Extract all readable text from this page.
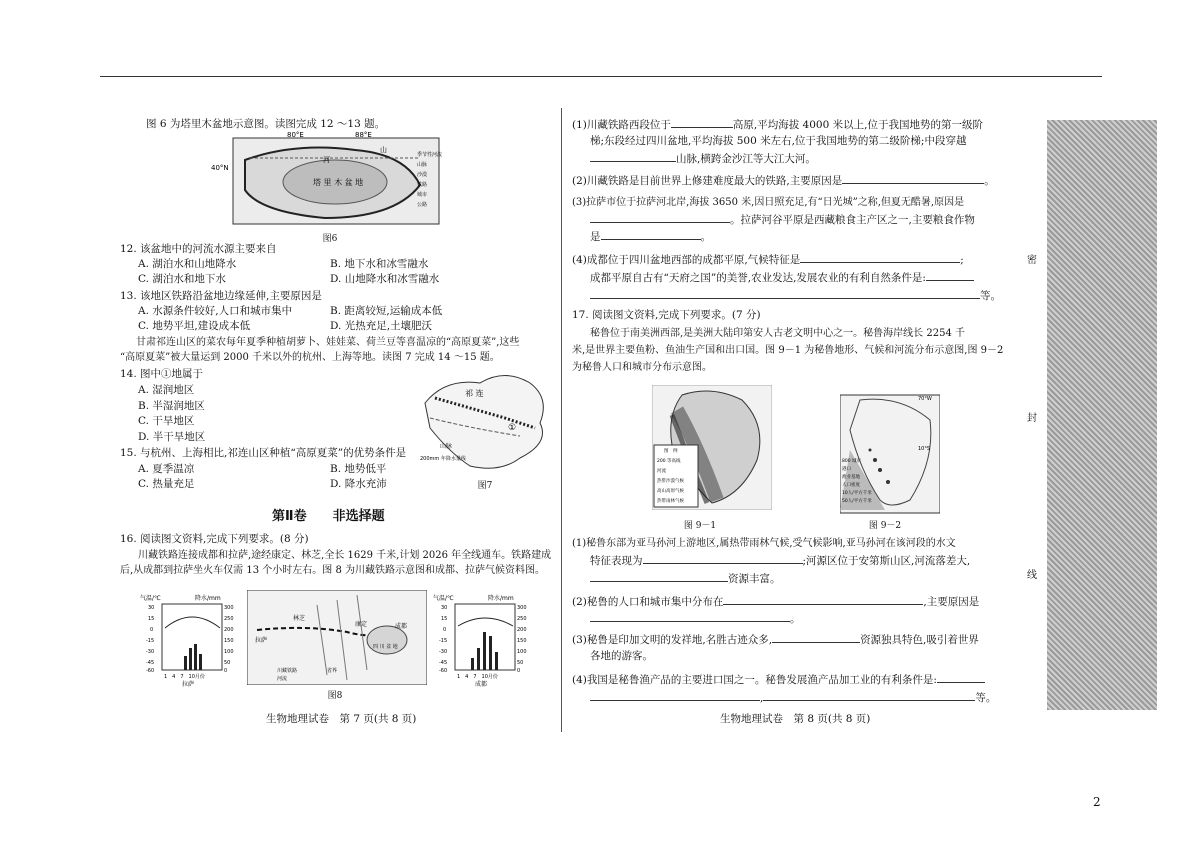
图 6 为塔里木盆地示意图。读图完成 12 ～13 题。
80°E	88°E
40°N
塔 里 木 盆 地
河
山
季节性河流
山脉
沙漠
铁路
城市
公路
图6
12. 该盆地中的河流水源主要来自
A. 湖泊水和山地降水	B. 地下水和冰雪融水
C. 湖泊水和地下水	D. 山地降水和冰雪融水
13. 该地区铁路沿盆地边缘延伸,主要原因是
A. 水源条件较好,人口和城市集中	B. 距离较短,运输成本低
C. 地势平坦,建设成本低	D. 光热充足,土壤肥沃
甘肃祁连山区的菜农每年夏季种植胡萝卜、娃娃菜、荷兰豆等喜温凉的“高原夏菜”,这些
“高原夏菜”被大量运到 2000 千米以外的杭州、上海等地。读图 7 完成 14 ～15 题。
14. 图中①地属于
A. 湿润地区
B. 半湿润地区
C. 干旱地区
D. 半干旱地区
祁 连
①
山脉
200mm 年降水量线
图7
15. 与杭州、上海相比,祁连山区种植“高原夏菜”的优势条件是
A. 夏季温凉	B. 地势低平
C. 热量充足	D. 降水充沛
第Ⅱ卷　　非选择题
16. 阅读图文资料,完成下列要求。(8 分)
川藏铁路连接成都和拉萨,途经康定、林芝,全长 1629 千米,计划 2026 年全线通车。铁路建成
后,从成都到拉萨坐火车仅需 13 个小时左右。图 8 为川藏铁路示意图和成都、拉萨气候资料图。
气温/℃	降水/mm
30
15
0
-15
-30
-45
-60
300
250
200
150
100
50
0
1　4　7　10月份
拉萨
拉萨
林芝
康定	成都
四 川 盆 地
川藏铁路
河流
省界
气温/℃	降水/mm
30
15
0
-15
-30
-45
-60
300
250
200
150
100
50
0
1　4　7　10月份
成都
图8
生物地理试卷　第 7 页(共 8 页)
(1)川藏铁路西段位于	高原,平均海拔 4000 米以上,位于我国地势的第一级阶
梯;东段经过四川盆地,平均海拔 500 米左右,位于我国地势的第二级阶梯;中段穿越
山脉,横跨金沙江等大江大河。
(2)川藏铁路是目前世界上修建难度最大的铁路,主要原因是	。
(3)拉萨市位于拉萨河北岸,海拔 3650 米,因日照充足,有“日光城”之称,但夏无酷暑,原因是
。拉萨河谷平原是西藏粮食主产区之一,主要粮食作物
是	。
(4)成都位于四川盆地西部的成都平原,气候特征是	;
成都平原自古有“天府之国”的美誉,农业发达,发展农业的有利自然条件是:
等。
17. 阅读图文资料,完成下列要求。(7 分)
秘鲁位于南美洲西部,是美洲大陆印第安人古老文明中心之一。秘鲁海岸线长 2254 千
米,是世界主要鱼粉、鱼油生产国和出口国。图 9－1 为秘鲁地形、气候和河流分布示意图,图 9－2
为秘鲁人口和城市分布示意图。
图　例
200 等高线
河流
热带沙漠气候
高山高原气候
热带雨林气候
图 9－1
70°W
10°S
800 城市
港口
渔业基地
人口密度
10人/平方千米
50人/平方千米
图 9－2
(1)秘鲁东部为亚马孙河上游地区,属热带雨林气候,受气候影响,亚马孙河在该河段的水文
特征表现为	;河源区位于安第斯山区,河流落差大,
资源丰富。
(2)秘鲁的人口和城市集中分布在	,主要原因是
。
(3)秘鲁是印加文明的发祥地,名胜古迹众多,	资源独具特色,吸引着世界
各地的游客。
(4)我国是秘鲁渔产品的主要进口国之一。秘鲁发展渔产品加工业的有利条件是:
,	等。
生物地理试卷　第 8 页(共 8 页)
密
封
线
2
